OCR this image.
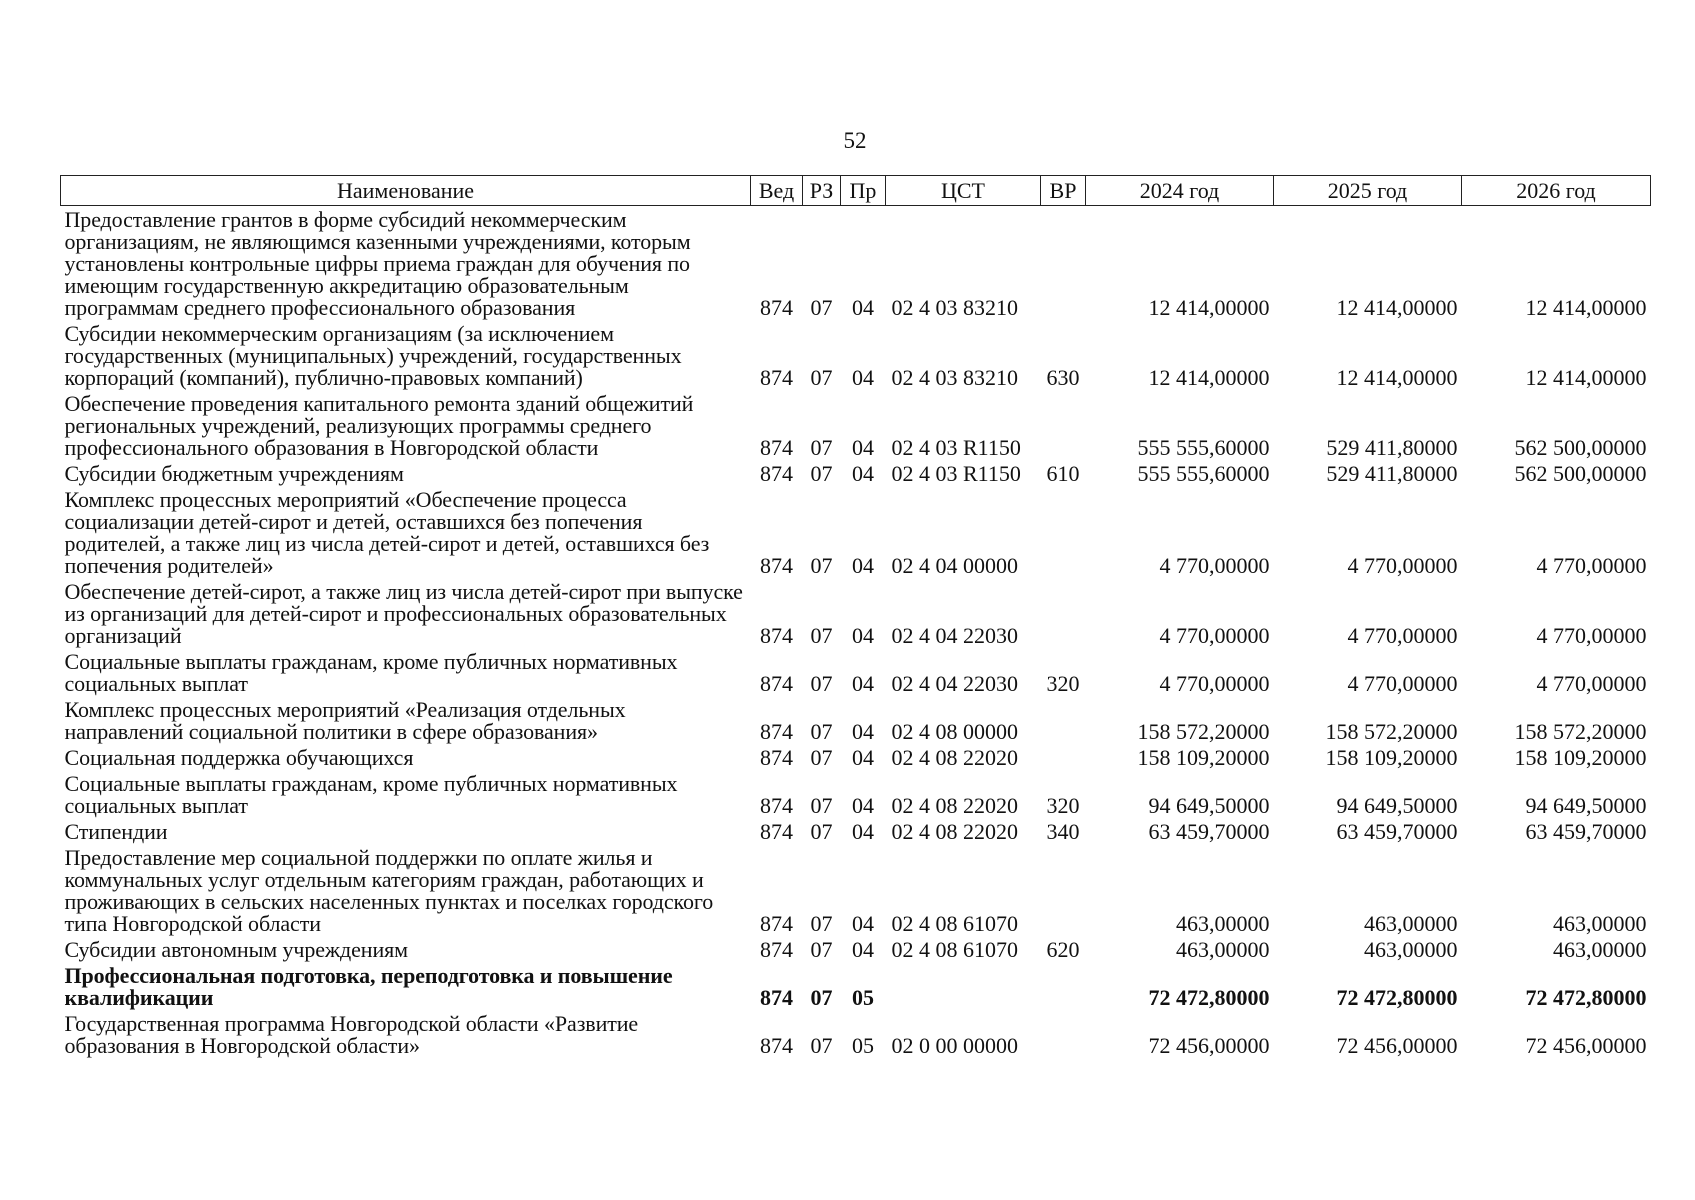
52
Наименование	Вед	РЗ	Пр	ЦСТ	ВР	2024 год	2025 год	2026 год
Предоставление грантов в форме субсидий некоммерческим организациям, не являющимся казенными учреждениями, которым установлены контрольные цифры приема граждан для обучения по имеющим государственную аккредитацию образовательным программам среднего профессионального образования	874	07	04	02 4 03 83210		12 414,00000	12 414,00000	12 414,00000
Субсидии некоммерческим организациям (за исключением государственных (муниципальных) учреждений, государственных корпораций (компаний), публично-правовых компаний)	874	07	04	02 4 03 83210	630	12 414,00000	12 414,00000	12 414,00000
Обеспечение проведения капитального ремонта зданий общежитий региональных учреждений, реализующих программы среднего профессионального образования в Новгородской области	874	07	04	02 4 03 R1150		555 555,60000	529 411,80000	562 500,00000
Субсидии бюджетным учреждениям	874	07	04	02 4 03 R1150	610	555 555,60000	529 411,80000	562 500,00000
Комплекс процессных мероприятий «Обеспечение процесса социализации детей-сирот и детей, оставшихся без попечения родителей, а также лиц из числа детей-сирот и детей, оставшихся без попечения родителей»	874	07	04	02 4 04 00000		4 770,00000	4 770,00000	4 770,00000
Обеспечение детей-сирот, а также лиц из числа детей-сирот при выпуске из организаций для детей-сирот и профессиональных образовательных организаций	874	07	04	02 4 04 22030		4 770,00000	4 770,00000	4 770,00000
Социальные выплаты гражданам, кроме публичных нормативных социальных выплат	874	07	04	02 4 04 22030	320	4 770,00000	4 770,00000	4 770,00000
Комплекс процессных мероприятий «Реализация отдельных направлений социальной политики в сфере образования»	874	07	04	02 4 08 00000		158 572,20000	158 572,20000	158 572,20000
Социальная поддержка обучающихся	874	07	04	02 4 08 22020		158 109,20000	158 109,20000	158 109,20000
Социальные выплаты гражданам, кроме публичных нормативных социальных выплат	874	07	04	02 4 08 22020	320	94 649,50000	94 649,50000	94 649,50000
Стипендии	874	07	04	02 4 08 22020	340	63 459,70000	63 459,70000	63 459,70000
Предоставление мер социальной поддержки по оплате жилья и коммунальных услуг отдельным категориям граждан, работающих и проживающих в сельских населенных пунктах и поселках городского типа Новгородской области	874	07	04	02 4 08 61070		463,00000	463,00000	463,00000
Субсидии автономным учреждениям	874	07	04	02 4 08 61070	620	463,00000	463,00000	463,00000
Профессиональная подготовка, переподготовка и повышение квалификации	874	07	05			72 472,80000	72 472,80000	72 472,80000
Государственная программа Новгородской области «Развитие образования в Новгородской области»	874	07	05	02 0 00 00000		72 456,00000	72 456,00000	72 456,00000
